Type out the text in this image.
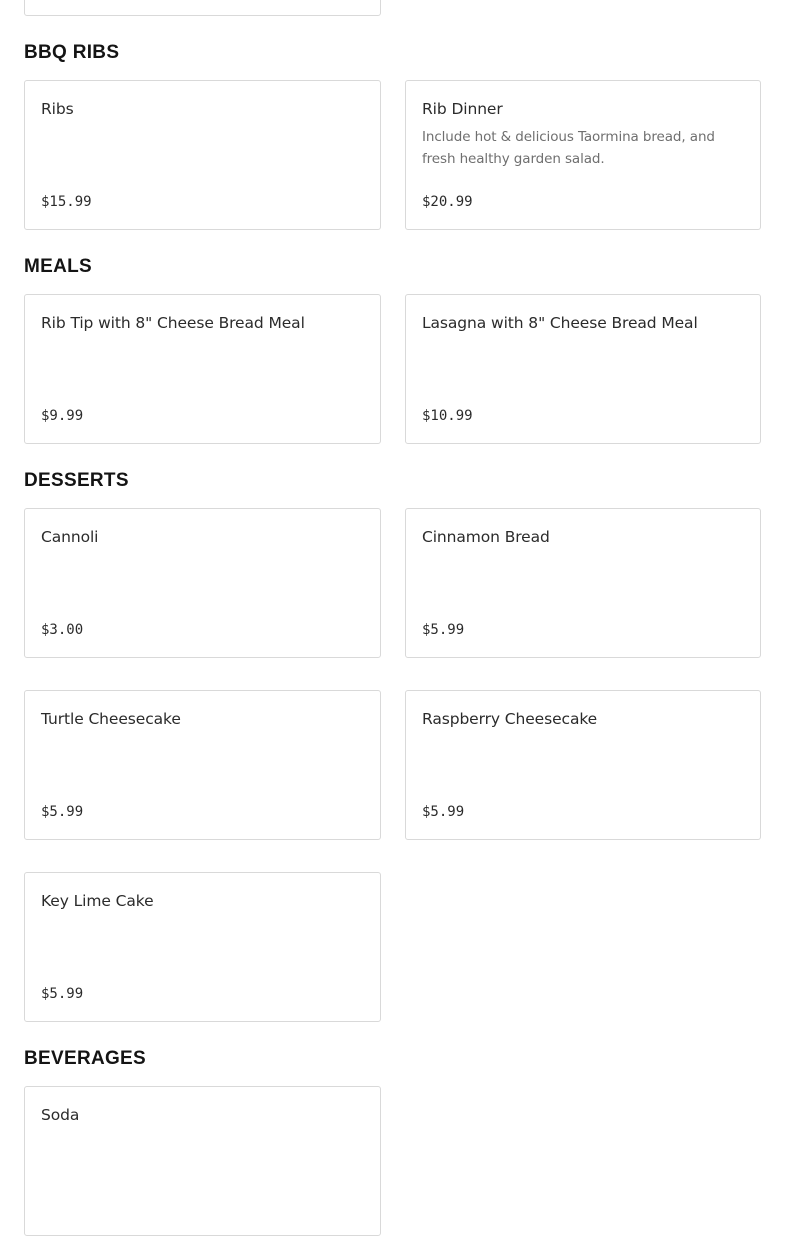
BBQ RIBS
Ribs
$15.99
Rib Dinner
Include hot & delicious Taormina bread, and fresh healthy garden salad.
$20.99
MEALS
Rib Tip with 8" Cheese Bread Meal
$9.99
Lasagna with 8" Cheese Bread Meal
$10.99
DESSERTS
Cannoli
$3.00
Cinnamon Bread
$5.99
Turtle Cheesecake
$5.99
Raspberry Cheesecake
$5.99
Key Lime Cake
$5.99
BEVERAGES
Soda
